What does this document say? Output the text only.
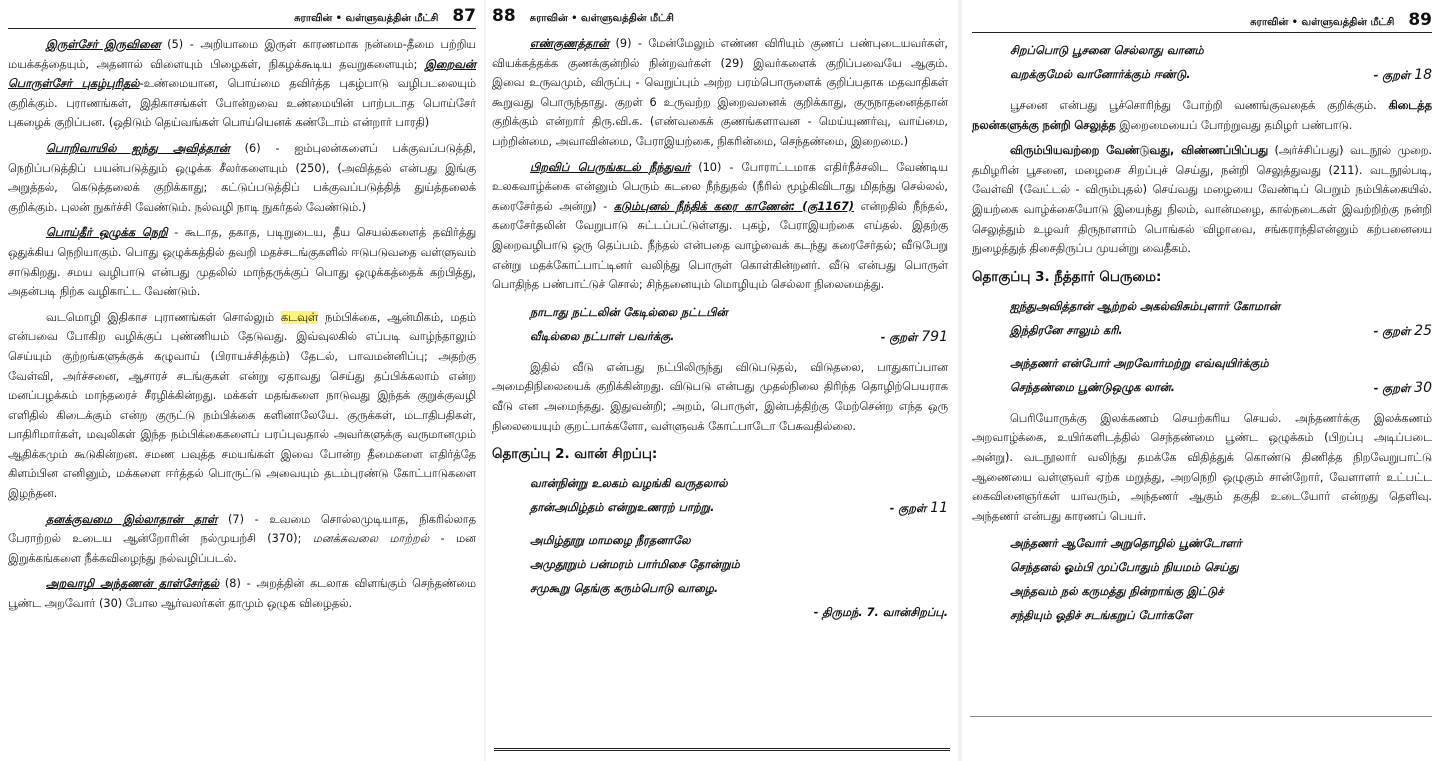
சுராவின் • வள்ளுவத்தின் மீட்சி 87

இருள்சேர் இருவினை (5) - அறியாமை இருள் காரணமாக நன்மை-தீமை பற்றிய மயக்கத்தையும், அதனால் விளையும் பிழைகள், நிகழக்கூடிய தவறுகளையும்; இறைவன் பொருள்சேர் புகழ்புரிதல்-உண்மையான, பொய்மை தவிர்த்த புகழ்பாடு வழிபடலையும் குறிக்கும். புராணங்கள், இதிகாசங்கள் போன்றவை உண்மையின் பாற்படாத பொய்சேர் புகழைக் குறிப்பன. (ஒதிடும் தெய்வங்கள் பொய்யெனக் கண்டோம் என்றார் பாரதி)

பொறிவாயில் ஐந்து அவித்தான் (6) - ஐம்புலன்களைப் பக்குவப்படுத்தி, நெறிப்படுத்திப் பயன்படுத்தும் ஒழுக்க சீலர்களையும் (250), (அவித்தல் என்பது இங்கு அறுத்தல், கெடுத்தலைக் குறிக்காது; கட்டுப்படுத்திப் பக்குவப்படுத்தித் துய்த்தலைக் குறிக்கும். புலன் நுகர்ச்சி வேண்டும். நல்வழி நாடி நுகர்தல் வேண்டும்.)

பொய்தீர் ஒழுக்க நெறி - கூடாத, தகாத, படிறுடைய, தீய செயல்களைத் தவிர்த்து ஒதுக்கிய நெறியாகும். பொது ஒழுக்கத்தில் தவறி மதச்சடங்குகளில் ஈடுபடுவதை வள்ளுவம் சாடுகிறது. சமய வழிபாடு என்பது முதலில் மாந்தருக்குப் பொது ஒழுக்கத்தைக் கற்பித்து, அதன்படி நிற்க வழிகாட்ட வேண்டும்.

வடமொழி இதிகாச புராணங்கள் சொல்லும் கடவுள் நம்பிக்கை, ஆன்மிகம், மதம் என்பவை போகிற வழிக்குப் புண்ணியம் தேடுவது. இவ்வுலகில் எப்படி வாழ்ந்தாலும் செய்யும் குற்றங்களுக்குக் கழுவாய் (பிராயச்சித்தம்) தேடல், பாவமன்னிப்பு; அதற்கு வேள்வி, அர்ச்சனை, ஆசாரச் சடங்குகள் என்று ஏதாவது செய்து தப்பிக்கலாம் என்ற மனப்பழக்கம் மாந்தரைச் சீரழிக்கின்றது. மக்கள் மதங்களை நாடுவது இந்தக் குறுக்குவழி எளிதில் கிடைக்கும் என்ற குருட்டு நம்பிக்கை களினாலேயே. குருக்கள், மடாதிபதிகள், பாதிரிமார்கள், மவுலிகள் இந்த நம்பிக்கைகளைப் பரப்புவதால் அவர்களுக்கு வருமானமும் ஆதிக்கமும் கூடுகின்றன. சமண பவுத்த சமயங்கள் இவை போன்ற தீமைகளை எதிர்த்தே கிளம்பின எனினும், மக்களை ஈர்த்தல் பொருட்டு அவையும் தடம்புரண்டு கோட்பாடுகளை இழந்தன.

தனக்குவமை இல்லாதான் தாள் (7) - உவமை சொல்லமுடியாத, நிகரில்லாத பேராற்றல் உடைய ஆன்றோரின் நல்முயற்சி (370); மனக்கவலை மாற்றல் - மன இறுக்கங்களை நீக்கவிழைந்து நல்வழிப்படல்.

அறவாழி அந்தணன் தாள்சேர்தல் (8) - அறத்தின் கடலாக விளங்கும் செந்தண்மை பூண்ட அறவோர் (30) போல ஆர்வலர்கள் தாமும் ஒழுக விழைதல்.

88 சுராவின் • வள்ளுவத்தின் மீட்சி

எண்குணத்தான் (9) - மேன்மேலும் எண்ண விரியும் குணப் பண்புடையவர்கள், வியக்கத்தக்க குணக்குன்றில் நின்றவர்கள் (29) இவர்களைக் குறிப்பவையே ஆகும். இவை உருவமும், விருப்பு - வெறுப்பும் அற்ற பரம்பொருளைக் குறிப்பதாக மதவாதிகள் கூறுவது பொருந்தாது. குறள் 6 உருவற்ற இறைவனைக் குறிக்காது, குருநாதனைத்தான் குறிக்கும் என்றார் திரு.வி.க. (எண்வகைக் குணங்களாவன - மெய்யுணர்வு, வாய்மை, பற்றின்மை, அவாவின்மை, பேராஇயற்கை, நிகரின்மை, செந்தண்மை, இறைமை.)

பிறவிப் பெருங்கடல் நீந்துவர் (10) - போராட்டமாக எதிர்நீச்சலிட வேண்டிய உலகவாழ்க்கை என்னும் பெரும் கடலை நீந்துதல் (நீரில் மூழ்கிவிடாது மிதந்து செல்லல், கரைசேர்தல் அன்று) - கடும்புனல் நீந்திக் கரை காணேன்: (கு1167) என்றதில் நீந்தல், கரைசேர்தலின் வேறுபாடு சுட்டப்பட்டுள்ளது. புகழ், பேராஇயற்கை எய்தல். இதற்கு இறைவழிபாடு ஒரு தெப்பம். நீந்தல் என்பதை வாழ்வைக் கடந்து கரைசேர்தல்; வீடுபேறு என்று மதக்கோட்பாட்டினர் வலிந்து பொருள் கொள்கின்றனர். வீடு என்பது பொருள் பொதிந்த பண்பாட்டுச் சொல்; சிந்தனையும் மொழியும் செல்லா நிலைமைத்து.

நாடாது நட்டலின் கேடில்லை நட்டபின்
வீடில்லை நட்பாள் பவர்க்கு.	- குறள் 791

இதில் வீடு என்பது நட்பிலிருந்து விடுபடுதல், விடுதலை, பாதுகாப்பான அமைதிநிலையைக் குறிக்கின்றது. விடுபடு என்பது முதல்நிலை திரிந்த தொழிற்பெயராக வீடு என அமைந்தது. இதுவன்றி; அறம், பொருள், இன்பத்திற்கு மேற்சென்ற எந்த ஒரு நிலையையும் குறட்பாக்களோ, வள்ளுவக் கோட்பாடோ பேசுவதில்லை.

தொகுப்பு 2. வான் சிறப்பு:
வான்நின்று உலகம் வழங்கி வருதலால்
தான்அமிழ்தம் என்றுஉணரற் பாற்று.	- குறள் 11
அமிழ்தூறு மாமழை நீரதனாலே
அமுதூறும் பன்மரம் பார்மிசை தோன்றும்
சமுகூறு தெங்கு கரும்பொடு வாழை.
- திருமந். 7. வான்சிறப்பு.
சுராவின் • வள்ளுவத்தின் மீட்சி 89
சிறப்பொடு பூசனை செல்லாது வானம்
வறக்குமேல் வானோர்க்கும் ஈண்டு.	- குறள் 18

பூசனை என்பது பூச்சொரிந்து போற்றி வணங்குவதைக் குறிக்கும். கிடைத்த நலன்களுக்கு நன்றி செலுத்த இறைமையைப் போற்றுவது தமிழர் பண்பாடு.

விரும்பியவற்றை வேண்டுவது, விண்ணப்பிப்பது (அர்ச்சிப்பது) வடநூல் முறை. தமிழரின் பூசனை, மழைசை சிறப்புச் செய்து, நன்றி செலுத்துவது (211). வடநூல்படி, வேள்வி (வேட்டல் - விரும்புதல்) செய்வது மழையை வேண்டிப் பெறும் நம்பிக்கையில். இயற்கை வாழ்க்கையோடு இயைந்து நிலம், வான்மழை, கால்நடைகள் இவற்றிற்கு நன்றி செலுத்தும் உழவர் திருநாளாம் பொங்கல் விழாவை, சங்கராந்திஎன்னும் கற்பனையை நுழைத்துத் திசைதிருப்ப முயன்று வைதீகம்.

தொகுப்பு 3. நீத்தார் பெருமை:
ஐந்துஅவித்தான் ஆற்றல் அகல்விசும்புளார் கோமான்
இந்திரனே சாலும் கரி.	- குறள் 25
அந்தணர் என்போர் அறவோர்மற்று எவ்வுயிர்க்கும்
செந்தண்மை பூண்டுஒழுக லான்.	- குறள் 30

பெரியோருக்கு இலக்கணம் செயற்கரிய செயல். அந்தணர்க்கு இலக்கணம் அறவாழ்க்கை, உயிர்களிடத்தில் செந்தண்மை பூண்ட ஒழுக்கம் (பிறப்பு அடிப்படை அன்று). வடநூலார் வலிந்து தமக்கே விதித்துக் கொண்டு திணித்த நிறவேறுபாட்டு ஆணையை வள்ளுவர் ஏற்க மறுத்து, அறநெறி ஒழுகும் சான்றோர், வேளாளர் உட்பட்ட கைவினைஞர்கள் யாவரும், அந்தணர் ஆகும் தகுதி உடையோர் என்றது தெளிவு. அந்தணர் என்பது காரணப் பெயர்.

அந்தணர் ஆவோர் அறுதொழில் பூண்டோளர்
செந்தனல் ஓம்பி முப்போதும் நியமம் செய்து
அந்தவம் நல் கருமத்து நின்றாங்கு இட்டுச்
சந்தியும் ஓதிச் சடங்கறுப் போர்களே
